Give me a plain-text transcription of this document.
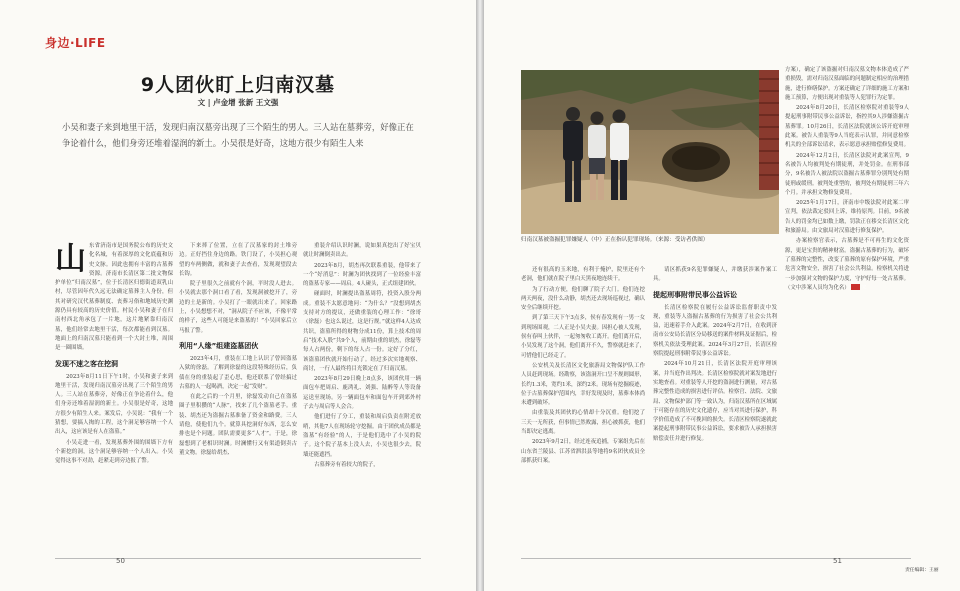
身边·LIFE
9人团伙盯上归南汉墓
文 | 卢金增 张新 王文强
小吴和妻子来到地里干活，发现归南汉墓旁出现了三个陌生的男人。三人站在墓葬旁，好像正在争论着什么，他们身旁还堆着湿润的新土。小吴很是好奇，这地方很少有陌生人来

山东省济南市是国务院公布的历史文化名城，有着深厚的文化底蕴和历史文脉。因此也拥有丰富的古墓葬资源。济南市长清区第二批文物保护单位“归南汉墓”，位于长清区归德街道双乳山村，尽管因年代久远无法确定墓葬主人身份，但其对研究汉代墓葬制度、丧葬习俗和地域历史渊源仍具有较高的历史价值。村民小吴和妻子在归南村西北角承包了一片地，这片地紧靠归南汉墓，他们经常去地里干活，每次都能看到汉墓。地面上的归南汉墓只能看到一个大封土堆，周围是一圈围墙。

发现不速之客在挖洞

2023年8月11日下午1时，小吴和妻子来到地里干活，发现归南汉墓旁出现了三个陌生的男人。三人站在墓葬旁，好像正在争论着什么，他们身旁还堆着湿润的新土。小吴很是好奇，这地方很少有陌生人来。案发后，小吴说：“我有一个猜想，要搞人掏的工程，这个洞足够容纳一个人出入，这应该是有人在盗墓。”

小吴走进一看，发现墓葬外围的围墙下方有个新挖的洞，这个洞足够容纳一个人出入。小吴觉得这事不对劲，赶紧走到旁边报了警。

下来摔了位置，立在了汉墓家的封土堆旁边。正好挡住身边的路。铁门设了，小吴担心观望的车两侧做，就和妻子去查看，发现观望段去长钩。

院子里很久之前就有个洞，平时没人进去。小吴就去那个洞口看了看，发现洞被挖开了，旁边的土是新的。小吴打了一眼就出来了。回家路上，小吴想想不对，“洞从院子不应该，不像平常的样子，这些人可能是来盗墓的！”小吴回家后立马报了警。

利用“人缘”组建盗墓团伙

2023年4月，重装在工地上认识了曾因盗墓入狱的徐磊。了解到徐磊的这段特殊经历后，负债在身的重装起了歪心思，他还联系了曾经搞过古墓的人一起喝酒，决定一起“发财”。

在此之后的一个月里，徐磊发动自己在盗墓圈子里积攒的“人脉”，找来了几个盗墓老手。重装、胡杰还为盗掘古墓准备了资金和路费。三人请他，使他们九个。就算具挖洞好东西，怎么安排也是个问题。团队需要更多“人才”。于是，徐磊想到了老相识时澜。时澜懂行又有渠道倒卖古董文物。徐磊给胡杰、

重装介绍认识时澜，说如果真挖出了好宝贝就让时澜倒卖出去。

2023年8月，胡杰再次联系重装，他带来了一个“好消息”：时澜为团伙找到了一位经验丰富的盗墓专家——周启。4人碰头，正式组建团伙。

碰面时，时澜提出盗墓周符，投资入股分两成。重装不太愿意地问：“为什么？”没想到胡杰支持对方的提议，还做重装的心理工作：“徐哥（徐磊）也这么说过，这是行规。”就这样4人达成共识，盗墓所得的财物分成11份，算上技术的周启“技术入股”共9个人，前期由重的胡杰，徐磊等每人占两份，剩下的每人占一份。定好了分红，该盗墓团伙就开始行动了。经过多次实地观察、商讨，一行人最终将目光锁定在了归南汉墓。

2023年8月29日晚上8点多，该团伙用一辆面包车把周启、鹿鸿礼、刘强、陆醉等人等设备运送至现场。另一辆面包车和面包车开到郊外村子去与周启等人会合。

他们进行了分工，重装和周启负责在附近放哨，其他7人在现场轮守挖掘。由于团伙成员都是盗墓“有经验”的人，于是他们选中了小吴的院子。这个院子基本上没人去，小吴也很少去，院墙还能遮挡。

古墓葬旁有着较大的院子，

50
归南汉墓被盗掘犯罪嫌疑人（中）正在指认犯罪现场。（来源：受访者供图）

还有很高的玉米地，有利于掩护，院里还有个老洞，他们就在院子里白天黑夜地连续干。

为了行动方便，他们聊了院子大门。他们连挖两天两夜，没什么动静，胡杰还去现场巡视过，确认安全后继续开挖。

到了第三天下午3点多，侯有春发现有一男一女到现场围观，二人正是小吴夫妻。因担心被人发现，侯有春叫上伙伴，一起匆匆收工离开。他们离开后，小吴发现了这个洞，他们离开不久，警察就赶来了，可惜他们已经走了。

公安机关及长清区文化旅游局文物保护队工作人员赶到现场。经勘察，该盗洞开口呈不规则圆形，长约1.3米，宽约1米，深约2米。现场有挖掘痕迹，位于古墓葬保护范围内，幸好发现及时，墓葬本体尚未遭到破坏。

由重装及其团伙的心情却十分沉重。他们挖了三天一无所获，但事情已然败露，担心被抓获，他们当即决定逃离。

2023年9月2日，经过连夜追捕，专案组先后在山东省兰陵县、江苏省泗洪县等地将9名团伙成员全部抓获归案。

请区抓获9名犯罪嫌疑人，并缴获涉案作案工具。

提起刑事附带民事公益诉讼

长清区检察院在履行公益诉讼监督职责中发现，重装等人盗掘古墓葬的行为损害了社会公共利益，迅速着手介入此案。2024年2月7日，在收到济南市公安局长清区分局移送的案件材料及证据后，检察机关依法受理此案。2024年3月27日，长清区检察院提起刑事附带民事公益诉讼。

2024年10月21日，长清区法院开庭审理该案，并当庭作出判决。长清区检察院就对案发地进行实地查看。对重装等人开挖的盗洞进行测量，对古墓葬完整性造成的损害进行评估。检察官、法院、文旅局、文物保护部门等一致认为，归南汉墓所在区域属于可能存在的历史文化遗存，应当对其进行保护，科学价值造成了不可挽回的损失。长清区检察院遂就此案提起刑事附带民事公益诉讼，要求被告人承担损害赔偿责任并进行修复。

方案），确定了该盗掘对归南汉墓文物本体造成了严重损毁，需对归南汉墓面临的问题制定相应的治理措施，进行修缮保护。方案还确定了详细的施工方案和施工预算，方便出现对重装等人犯罪行为定罪。

2024年8月20日，长清区检察院对重装等9人提起刑事附带民事公益诉讼，指控其9人涉嫌盗掘古墓葬罪。10月26日，长清区法院就该公诉开庭审理此案。被告人重装等9人当庭表示认罪，并同意检察机关的全部诉讼请求，表示愿意承担赔偿修复费用。

2024年12月2日，长清区法院对此案宣判，9名被告人均被判处有期徒刑，并处罚金。在刑事部分，9名被告人被法院以盗掘古墓葬罪分别判处有期徒刑或缓刑。被判处重型的，被判处有期徒刑三年六个月。并承担文物修复费用。

2025年1月17日，济南市中级法院对此案二审宣判，依法裁定驳回上诉，维持原判。目前，9名被告人的罚金均已如数上缴，罚款正在移交长清区文化和旅游局。由文旅局对汉墓进行修复保护。

办案检察官表示，古墓葬是不可再生的文化资源，更是宝贵的精神财富。盗掘古墓葬的行为，破坏了墓葬的完整性，改变了墓葬的原有保护环境，严重危害文物安全，损害了社会公共利益。检察机关将进一步加强对文物的保护力度，守护好每一处古墓葬。（文中涉案人员均为化名）	完

51
责任编辑：王丽
